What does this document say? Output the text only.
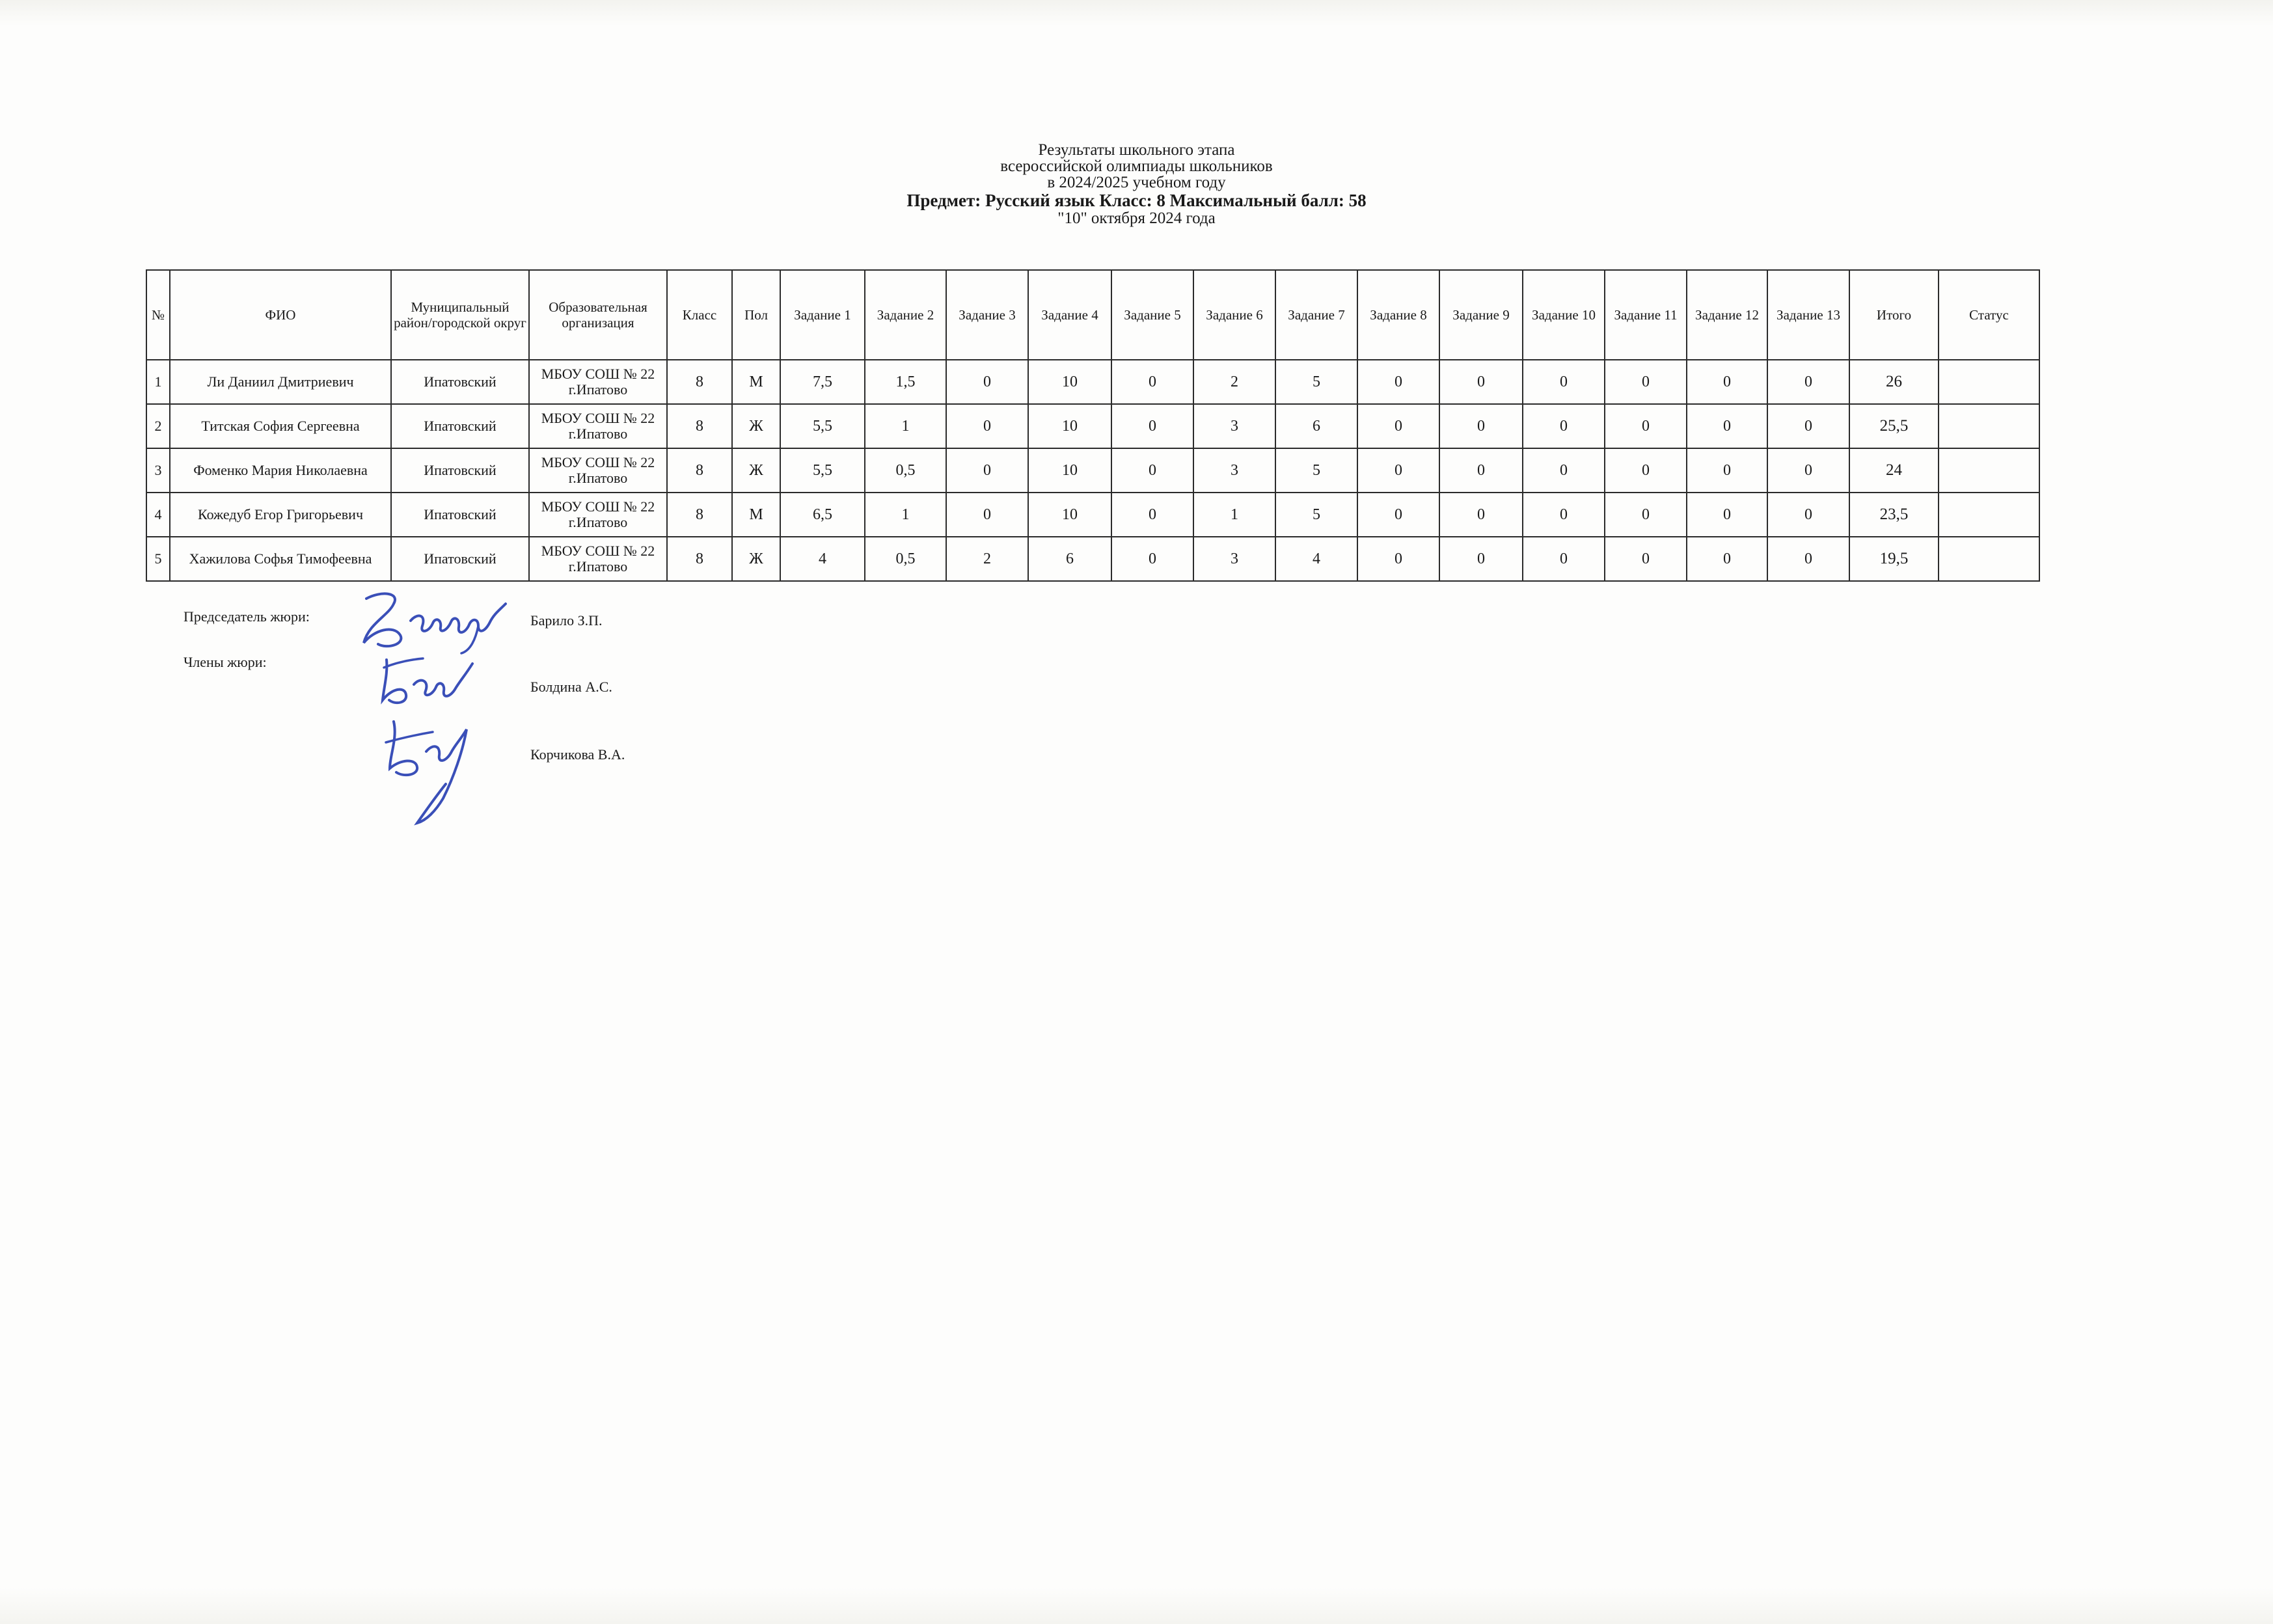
Результаты школьного этапа
всероссийской олимпиады школьников
в 2024/2025 учебном году
Предмет: Русский язык Класс: 8 Максимальный балл: 58
"10" октября 2024 года
№	ФИО	Муниципальный район/городской округ	Образовательная организация	Класс	Пол	Задание 1	Задание 2	Задание 3	Задание 4	Задание 5	Задание 6	Задание 7	Задание 8	Задание 9	Задание 10	Задание 11	Задание 12	Задание 13	Итого	Статус
1	Ли Даниил Дмитриевич	Ипатовский	МБОУ СОШ № 22 г.Ипатово	8	М	7,5	1,5	0	10	0	2	5	0	0	0	0	0	0	26	
2	Титская София Сергеевна	Ипатовский	МБОУ СОШ № 22 г.Ипатово	8	Ж	5,5	1	0	10	0	3	6	0	0	0	0	0	0	25,5	
3	Фоменко Мария Николаевна	Ипатовский	МБОУ СОШ № 22 г.Ипатово	8	Ж	5,5	0,5	0	10	0	3	5	0	0	0	0	0	0	24	
4	Кожедуб Егор Григорьевич	Ипатовский	МБОУ СОШ № 22 г.Ипатово	8	М	6,5	1	0	10	0	1	5	0	0	0	0	0	0	23,5	
5	Хажилова Софья Тимофеевна	Ипатовский	МБОУ СОШ № 22 г.Ипатово	8	Ж	4	0,5	2	6	0	3	4	0	0	0	0	0	0	19,5	
Председатель жюри:	Барило З.П.
Члены жюри:
Болдина А.С.
Корчикова В.А.
